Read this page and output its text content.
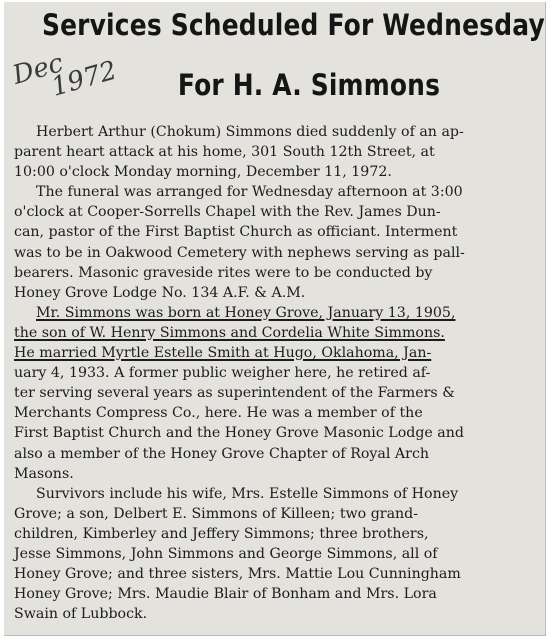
Services Scheduled For Wednesday
For H. A. Simmons
Dec
1972
Herbert Arthur (Chokum) Simmons died suddenly of an ap-
parent heart attack at his home, 301 South 12th Street, at
10:00 o'clock Monday morning, December 11, 1972.
The funeral was arranged for Wednesday afternoon at 3:00
o'clock at Cooper-Sorrells Chapel with the Rev. James Dun-
can, pastor of the First Baptist Church as officiant. Interment
was to be in Oakwood Cemetery with nephews serving as pall-
bearers. Masonic graveside rites were to be conducted by
Honey Grove Lodge No. 134 A.F. & A.M.
Mr. Simmons was born at Honey Grove, January 13, 1905,
the son of W. Henry Simmons and Cordelia White Simmons.
He married Myrtle Estelle Smith at Hugo, Oklahoma, Jan-
uary 4, 1933. A former public weigher here, he retired af-
ter serving several years as superintendent of the Farmers &
Merchants Compress Co., here. He was a member of the
First Baptist Church and the Honey Grove Masonic Lodge and
also a member of the Honey Grove Chapter of Royal Arch
Masons.
Survivors include his wife, Mrs. Estelle Simmons of Honey
Grove; a son, Delbert E. Simmons of Killeen; two grand-
children, Kimberley and Jeffery Simmons; three brothers,
Jesse Simmons, John Simmons and George Simmons, all of
Honey Grove; and three sisters, Mrs. Mattie Lou Cunningham
Honey Grove; Mrs. Maudie Blair of Bonham and Mrs. Lora
Swain of Lubbock.
